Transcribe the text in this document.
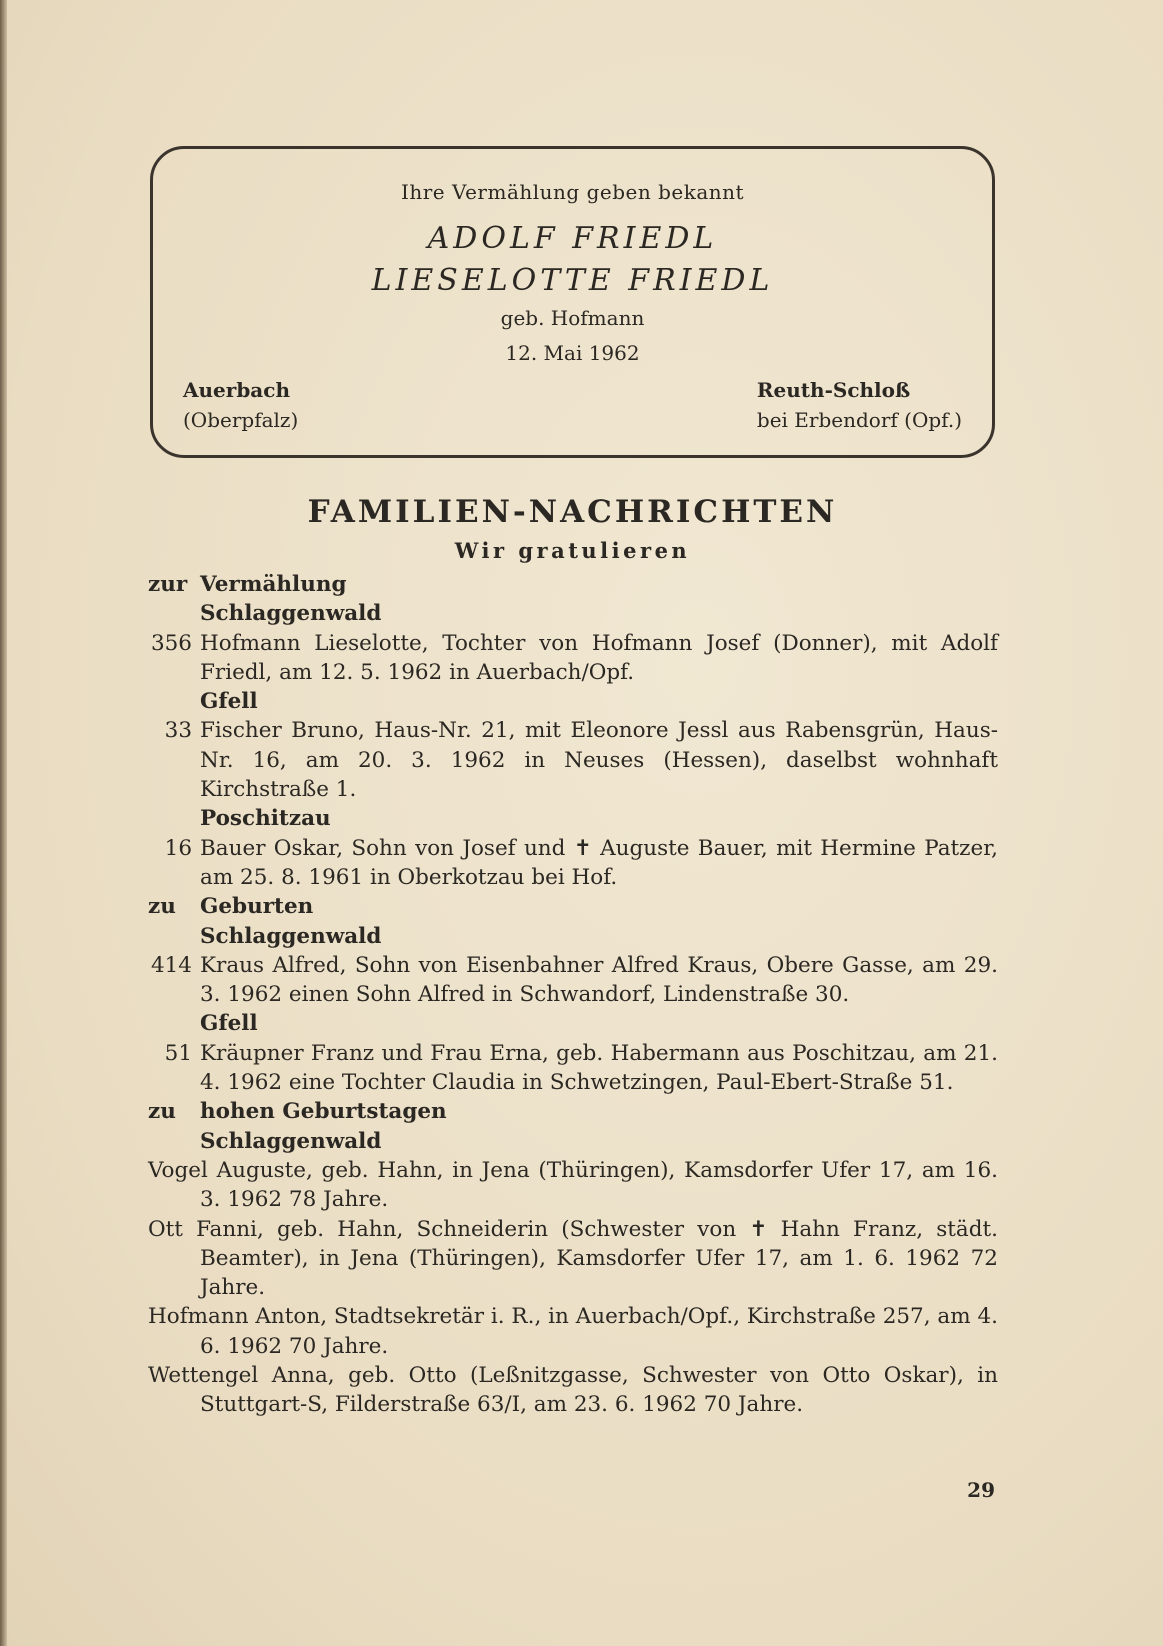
Ihre Vermählung geben bekannt
ADOLF FRIEDL
LIESELOTTE FRIEDL
geb. Hofmann
12. Mai 1962
Auerbach
(Oberpfalz)
Reuth-Schloß
bei Erbendorf (Opf.)
FAMILIEN-NACHRICHTEN
Wir gratulieren
zur Vermählung
Schlaggenwald
356 Hofmann Lieselotte, Tochter von Hofmann Josef (Donner), mit Adolf Friedl, am 12. 5. 1962 in Auerbach/Opf.
Gfell
33 Fischer Bruno, Haus-Nr. 21, mit Eleonore Jessl aus Rabensgrün, Haus-Nr. 16, am 20. 3. 1962 in Neuses (Hessen), daselbst wohnhaft Kirchstraße 1.
Poschitzau
16 Bauer Oskar, Sohn von Josef und ✝ Auguste Bauer, mit Hermine Patzer, am 25. 8. 1961 in Oberkotzau bei Hof.
zu	Geburten
Schlaggenwald
414 Kraus Alfred, Sohn von Eisenbahner Alfred Kraus, Obere Gasse, am 29. 3. 1962 einen Sohn Alfred in Schwandorf, Lindenstraße 30.
Gfell
51 Kräupner Franz und Frau Erna, geb. Habermann aus Poschitzau, am 21. 4. 1962 eine Tochter Claudia in Schwetzingen, Paul-Ebert-Straße 51.
zu	hohen Geburtstagen
Schlaggenwald
Vogel Auguste, geb. Hahn, in Jena (Thüringen), Kamsdorfer Ufer 17, am 16. 3. 1962 78 Jahre.
Ott Fanni, geb. Hahn, Schneiderin (Schwester von ✝ Hahn Franz, städt. Beamter), in Jena (Thüringen), Kamsdorfer Ufer 17, am 1. 6. 1962 72 Jahre.
Hofmann Anton, Stadtsekretär i. R., in Auerbach/Opf., Kirchstraße 257, am 4. 6. 1962 70 Jahre.
Wettengel Anna, geb. Otto (Leßnitzgasse, Schwester von Otto Oskar), in Stuttgart-S, Filderstraße 63/I, am 23. 6. 1962 70 Jahre.
29
